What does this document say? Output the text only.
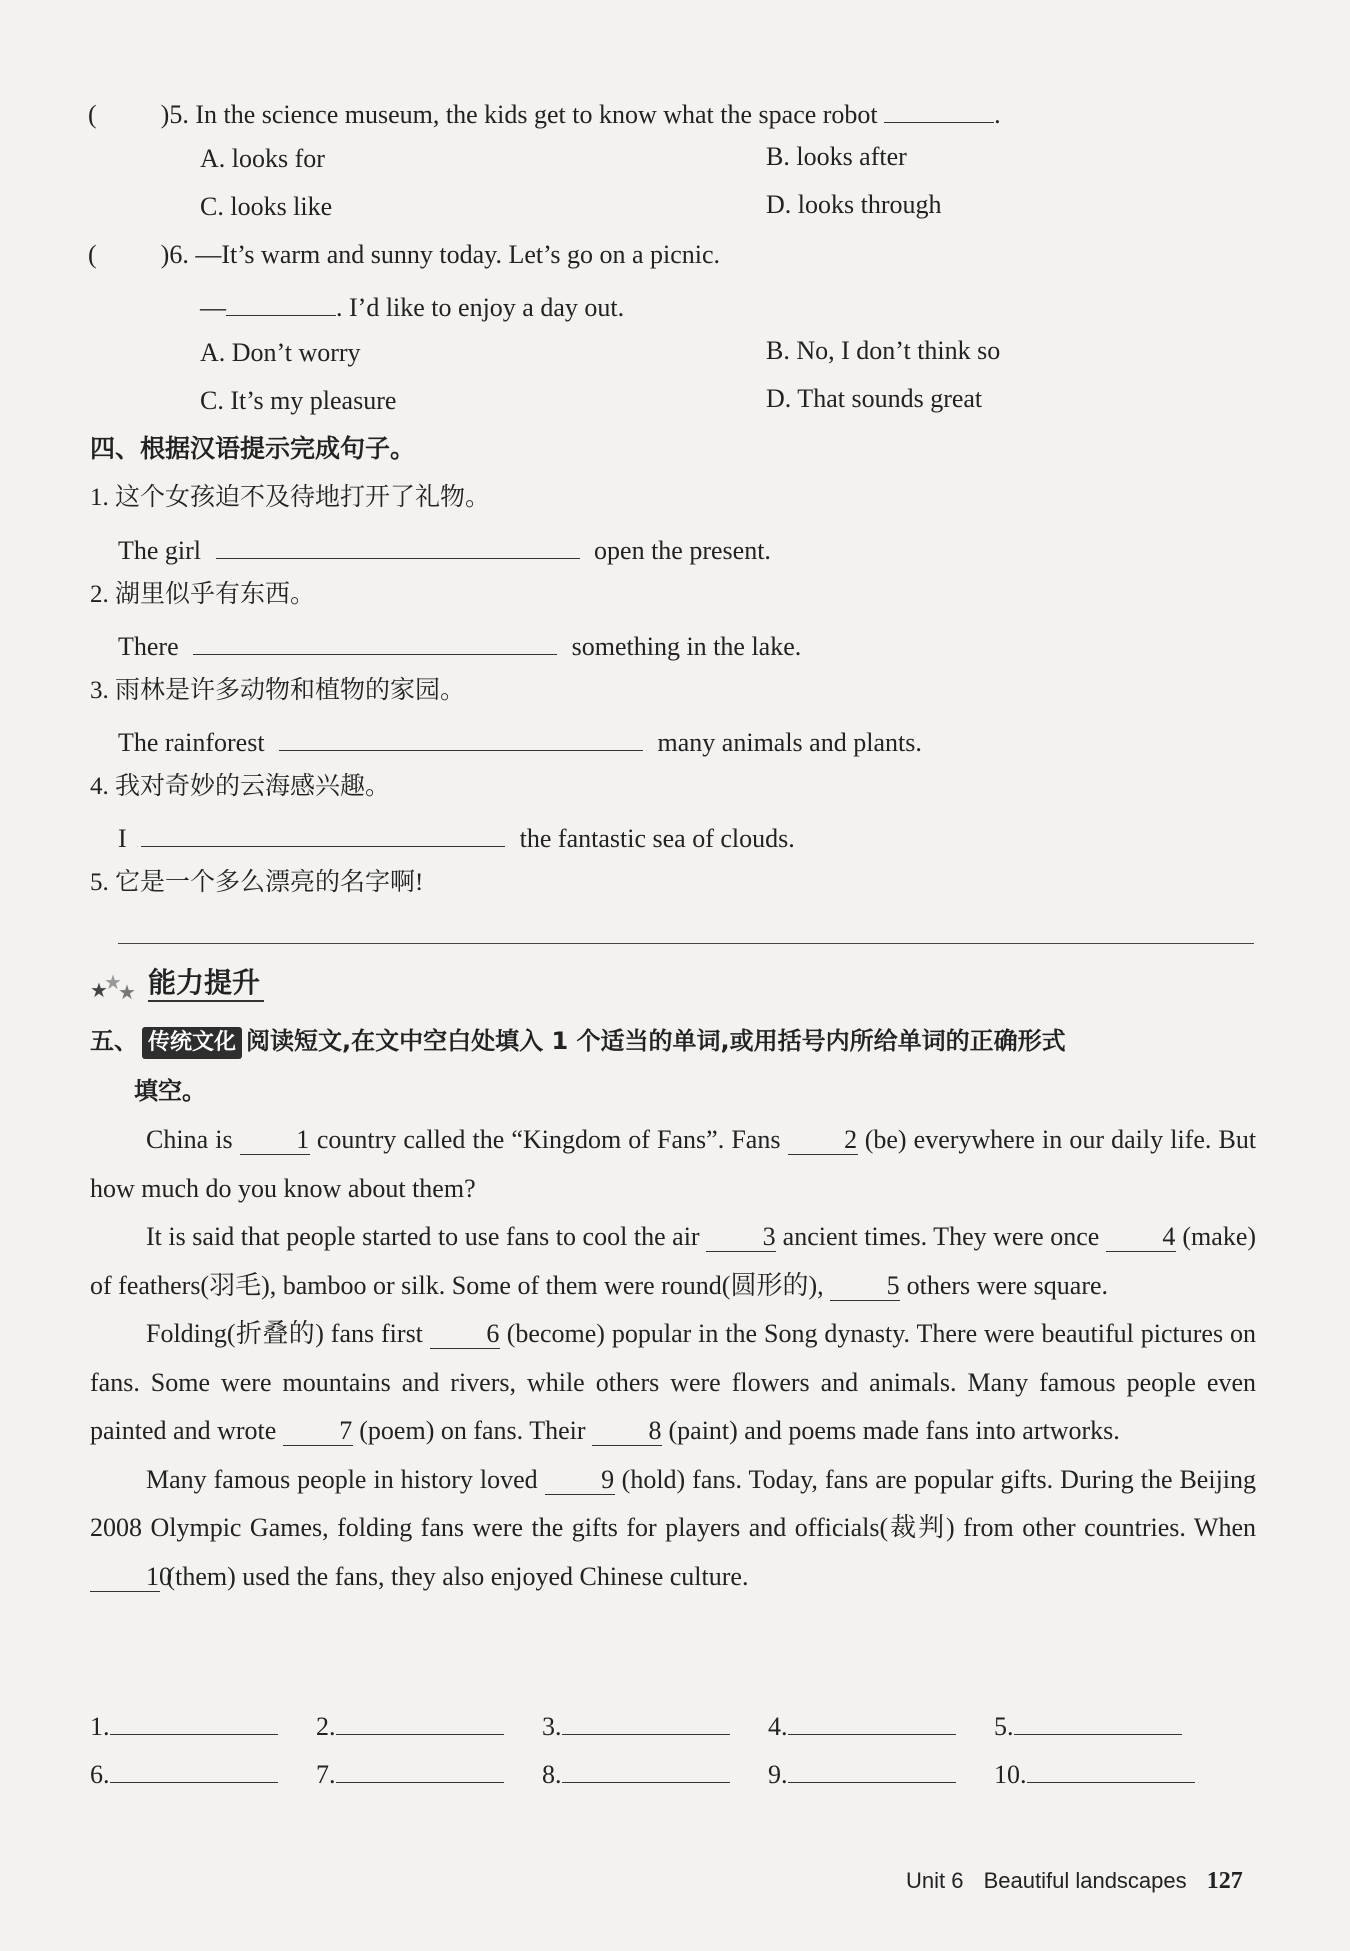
( )5. In the science museum, the kids get to know what the space robot	.
A. looks for	B. looks after
C. looks like	D. looks through
( )6. —It’s warm and sunny today. Let’s go on a picnic.
—	. I’d like to enjoy a day out.
A. Don’t worry	B. No, I don’t think so
C. It’s my pleasure	D. That sounds great
四、根据汉语提示完成句子。
1. 这个女孩迫不及待地打开了礼物。
The girl	open the present.
2. 湖里似乎有东西。
There	something in the lake.
3. 雨林是许多动物和植物的家园。
The rainforest	many animals and plants.
4. 我对奇妙的云海感兴趣。
I	the fantastic sea of clouds.
5. 它是一个多么漂亮的名字啊!
★
★
★ 能力提升
五、 传统文化 阅读短文,在文中空白处填入 1 个适当的单词,或用括号内所给单词的正确形式
填空。

China is 1 country called the “Kingdom of Fans”. Fans 2 (be) everywhere in our daily life. But how much do you know about them?

It is said that people started to use fans to cool the air 3 ancient times. They were once 4 (make) of feathers(羽毛), bamboo or silk. Some of them were round(圆形的), 5 others were square.

Folding(折叠的) fans first 6 (become) popular in the Song dynasty. There were beautiful pictures on fans. Some were mountains and rivers, while others were flowers and animals. Many famous people even painted and wrote 7 (poem) on fans. Their 8 (paint) and poems made fans into artworks.

Many famous people in history loved 9 (hold) fans. Today, fans are popular gifts. During the Beijing 2008 Olympic Games, folding fans were the gifts for players and officials(裁判) from other countries. When 10 (them) used the fans, they also enjoyed Chinese culture.

1.	2.	3.	4.	5.
6.	7.	8.	9.	10.
Unit 6 Beautiful landscapes 127
